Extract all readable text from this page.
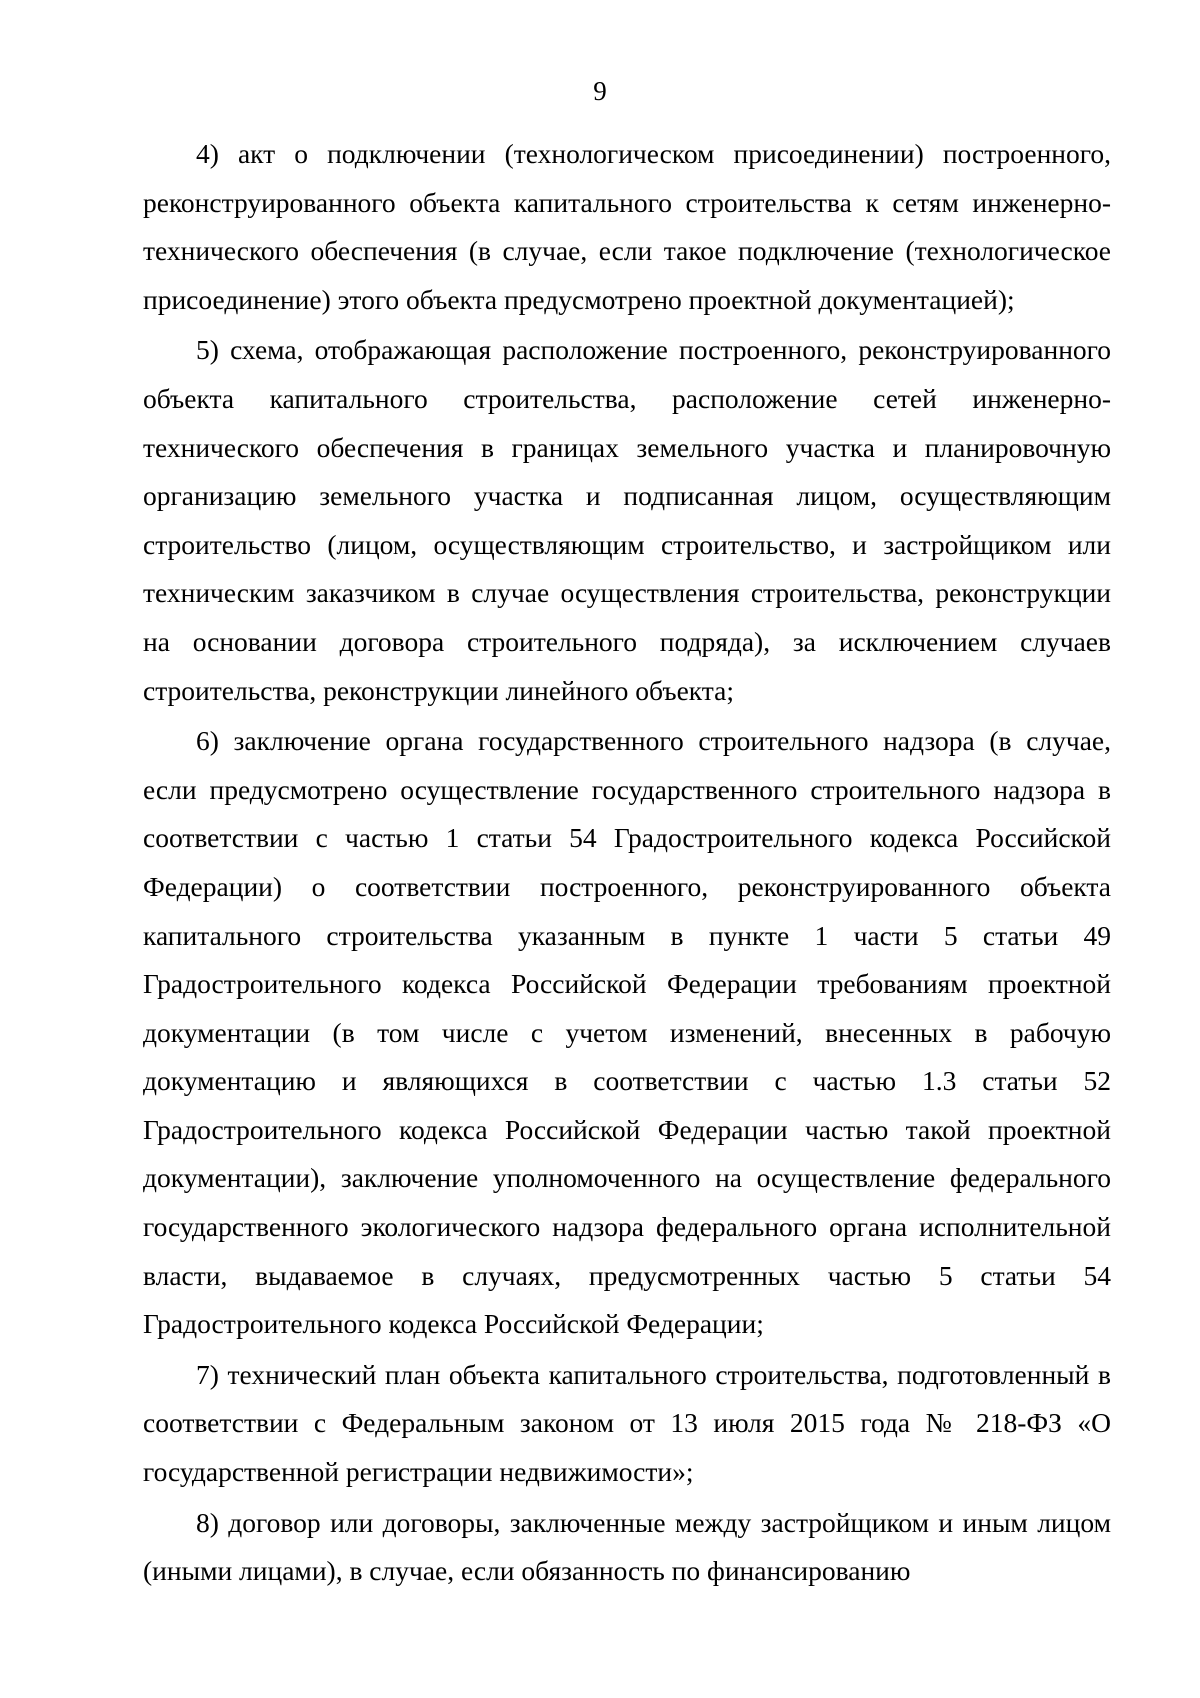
9

4) акт о подключении (технологическом присоединении) построенного, реконструированного объекта капитального строительства к сетям инженерно-технического обеспечения (в случае, если такое подключение (технологическое присоединение) этого объекта предусмотрено проектной документацией);

5) схема, отображающая расположение построенного, реконструированного объекта капитального строительства, расположение сетей инженерно-технического обеспечения в границах земельного участка и планировочную организацию земельного участка и подписанная лицом, осуществляющим строительство (лицом, осуществляющим строительство, и застройщиком или техническим заказчиком в случае осуществления строительства, реконструкции на основании договора строительного подряда), за исключением случаев строительства, реконструкции линейного объекта;

6) заключение органа государственного строительного надзора (в случае, если предусмотрено осуществление государственного строительного надзора в соответствии с частью 1 статьи 54 Градостроительного кодекса Российской Федерации) о соответствии построенного, реконструированного объекта капитального строительства указанным в пункте 1 части 5 статьи 49 Градостроительного кодекса Российской Федерации требованиям проектной документации (в том числе с учетом изменений, внесенных в рабочую документацию и являющихся в соответствии с частью 1.3 статьи 52 Градостроительного кодекса Российской Федерации частью такой проектной документации), заключение уполномоченного на осуществление федерального государственного экологического надзора федерального органа исполнительной власти, выдаваемое в случаях, предусмотренных частью 5 статьи 54 Градостроительного кодекса Российской Федерации;

7) технический план объекта капитального строительства, подготовленный в соответствии с Федеральным законом от 13 июля 2015 года № 218-ФЗ «О государственной регистрации недвижимости»;

8) договор или договоры, заключенные между застройщиком и иным лицом (иными лицами), в случае, если обязанность по финансированию
